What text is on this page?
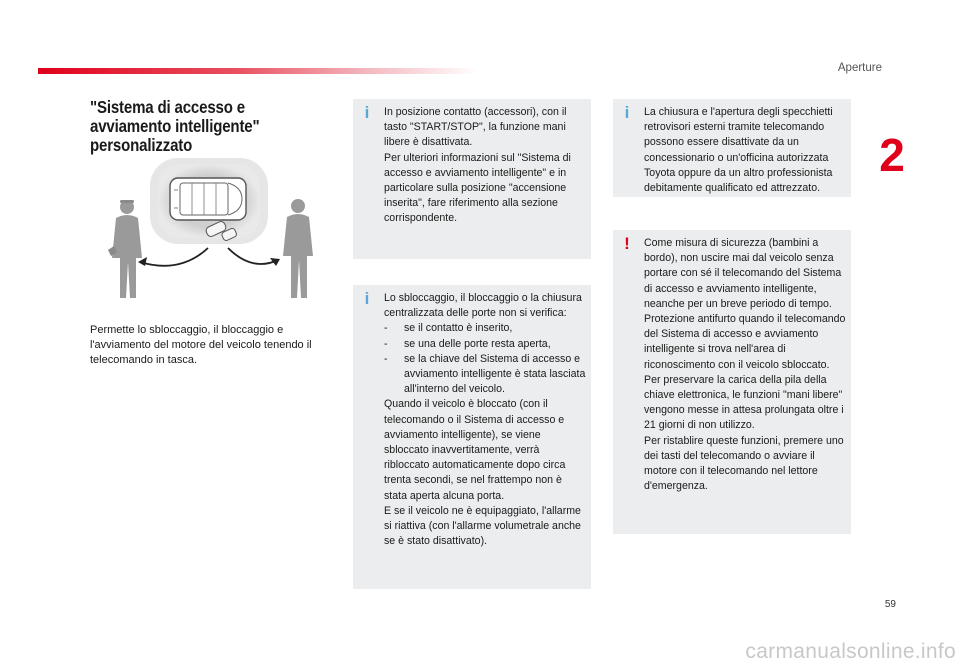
Aperture
2
59
"Sistema di accesso e avviamento intelligente" personalizzato
Permette lo sbloccaggio, il bloccaggio e l'avviamento del motore del veicolo tenendo il telecomando in tasca.
i	In posizione contatto (accessori), con il tasto "START/STOP", la funzione mani libere è disattivata.
Per ulteriori informazioni sul "Sistema di accesso e avviamento intelligente" e in particolare sulla posizione "accensione inserita", fare riferimento alla sezione corrispondente.
i	Lo sbloccaggio, il bloccaggio o la chiusura centralizzata delle porte non si verifica:
-	se il contatto è inserito,
-	se una delle porte resta aperta,
-	se la chiave del Sistema di accesso e avviamento intelligente è stata lasciata all'interno del veicolo.
Quando il veicolo è bloccato (con il telecomando o il Sistema di accesso e avviamento intelligente), se viene sbloccato inavvertitamente, verrà ribloccato automaticamente dopo circa trenta secondi, se nel frattempo non è stata aperta alcuna porta.
E se il veicolo ne è equipaggiato, l'allarme si riattiva (con l'allarme volumetrale anche se è stato disattivato).
i	La chiusura e l'apertura degli specchietti retrovisori esterni tramite telecomando possono essere disattivate da un concessionario o un'officina autorizzata Toyota oppure da un altro professionista debitamente qualificato ed attrezzato.
! Come misura di sicurezza (bambini a bordo), non uscire mai dal veicolo senza portare con sé il telecomando del Sistema di accesso e avviamento intelligente, neanche per un breve periodo di tempo.
Protezione antifurto quando il telecomando del Sistema di accesso e avviamento intelligente si trova nell'area di riconoscimento con il veicolo sbloccato.
Per preservare la carica della pila della chiave elettronica, le funzioni "mani libere" vengono messe in attesa prolungata oltre i 21 giorni di non utilizzo.
Per ristablire queste funzioni, premere uno dei tasti del telecomando o avviare il motore con il telecomando nel lettore d'emergenza.
carmanualsonline.info
